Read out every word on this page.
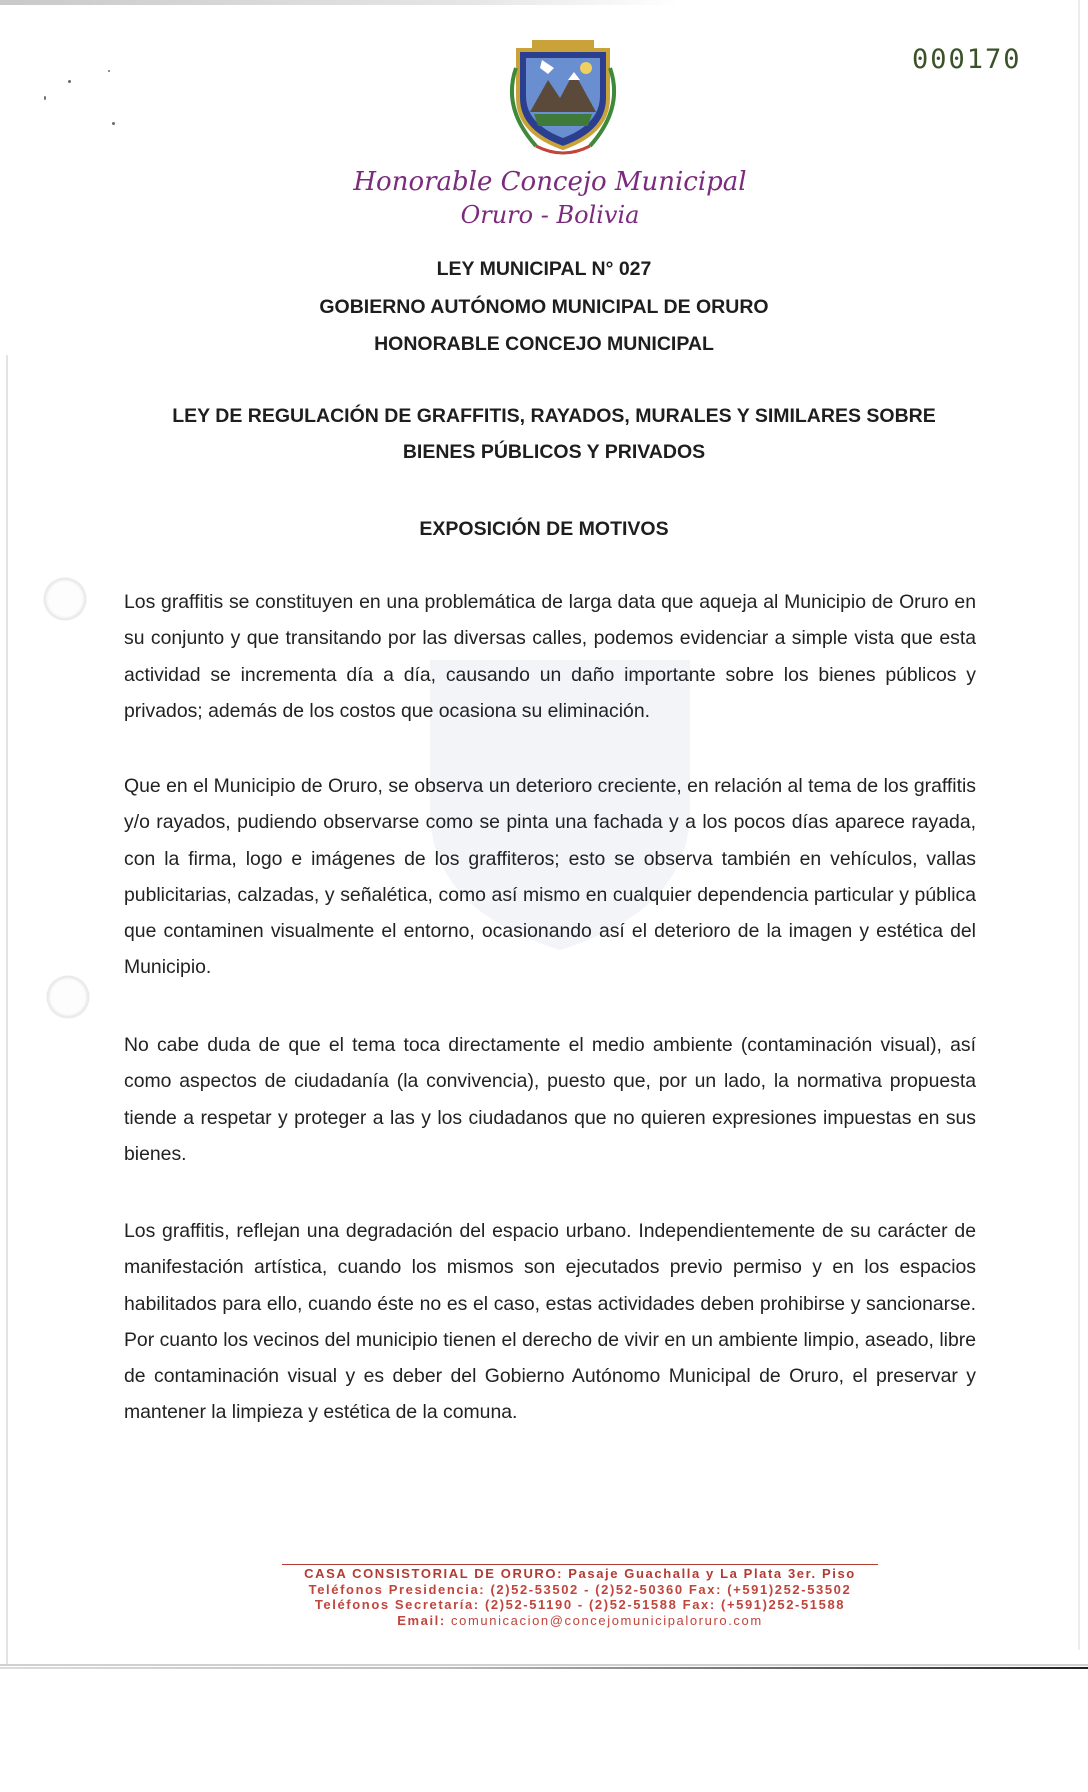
000170
Honorable Concejo Municipal
Oruro - Bolivia
LEY MUNICIPAL N° 027
GOBIERNO AUTÓNOMO MUNICIPAL DE ORURO
HONORABLE CONCEJO MUNICIPAL
LEY DE REGULACIÓN DE GRAFFITIS, RAYADOS, MURALES Y SIMILARES SOBRE
BIENES PÚBLICOS Y PRIVADOS
EXPOSICIÓN DE MOTIVOS

Los graffitis se constituyen en una problemática de larga data que aqueja al Municipio de Oruro en su conjunto y que transitando por las diversas calles, podemos evidenciar a simple vista que esta actividad se incrementa día a día, causando un daño importante sobre los bienes públicos y privados; además de los costos que ocasiona su eliminación.

Que en el Municipio de Oruro, se observa un deterioro creciente, en relación al tema de los graffitis y/o rayados, pudiendo observarse como se pinta una fachada y a los pocos días aparece rayada, con la firma, logo e imágenes de los graffiteros; esto se observa también en vehículos, vallas publicitarias, calzadas, y señalética, como así mismo en cualquier dependencia particular y pública que contaminen visualmente el entorno, ocasionando así el deterioro de la imagen y estética del Municipio.

No cabe duda de que el tema toca directamente el medio ambiente (contaminación visual), así como aspectos de ciudadanía (la convivencia), puesto que, por un lado, la normativa propuesta tiende a respetar y proteger a las y los ciudadanos que no quieren expresiones impuestas en sus bienes.

Los graffitis, reflejan una degradación del espacio urbano. Independientemente de su carácter de manifestación artística, cuando los mismos son ejecutados previo permiso y en los espacios habilitados para ello, cuando éste no es el caso, estas actividades deben prohibirse y sancionarse. Por cuanto los vecinos del municipio tienen el derecho de vivir en un ambiente limpio, aseado, libre de contaminación visual y es deber del Gobierno Autónomo Municipal de Oruro, el preservar y mantener la limpieza y estética de la comuna.

CASA CONSISTORIAL DE ORURO: Pasaje Guachalla y La Plata 3er. Piso
Teléfonos Presidencia: (2)52-53502 - (2)52-50360 Fax: (+591)252-53502
Teléfonos Secretaría: (2)52-51190 - (2)52-51588 Fax: (+591)252-51588
Email: comunicacion@concejomunicipaloruro.com
